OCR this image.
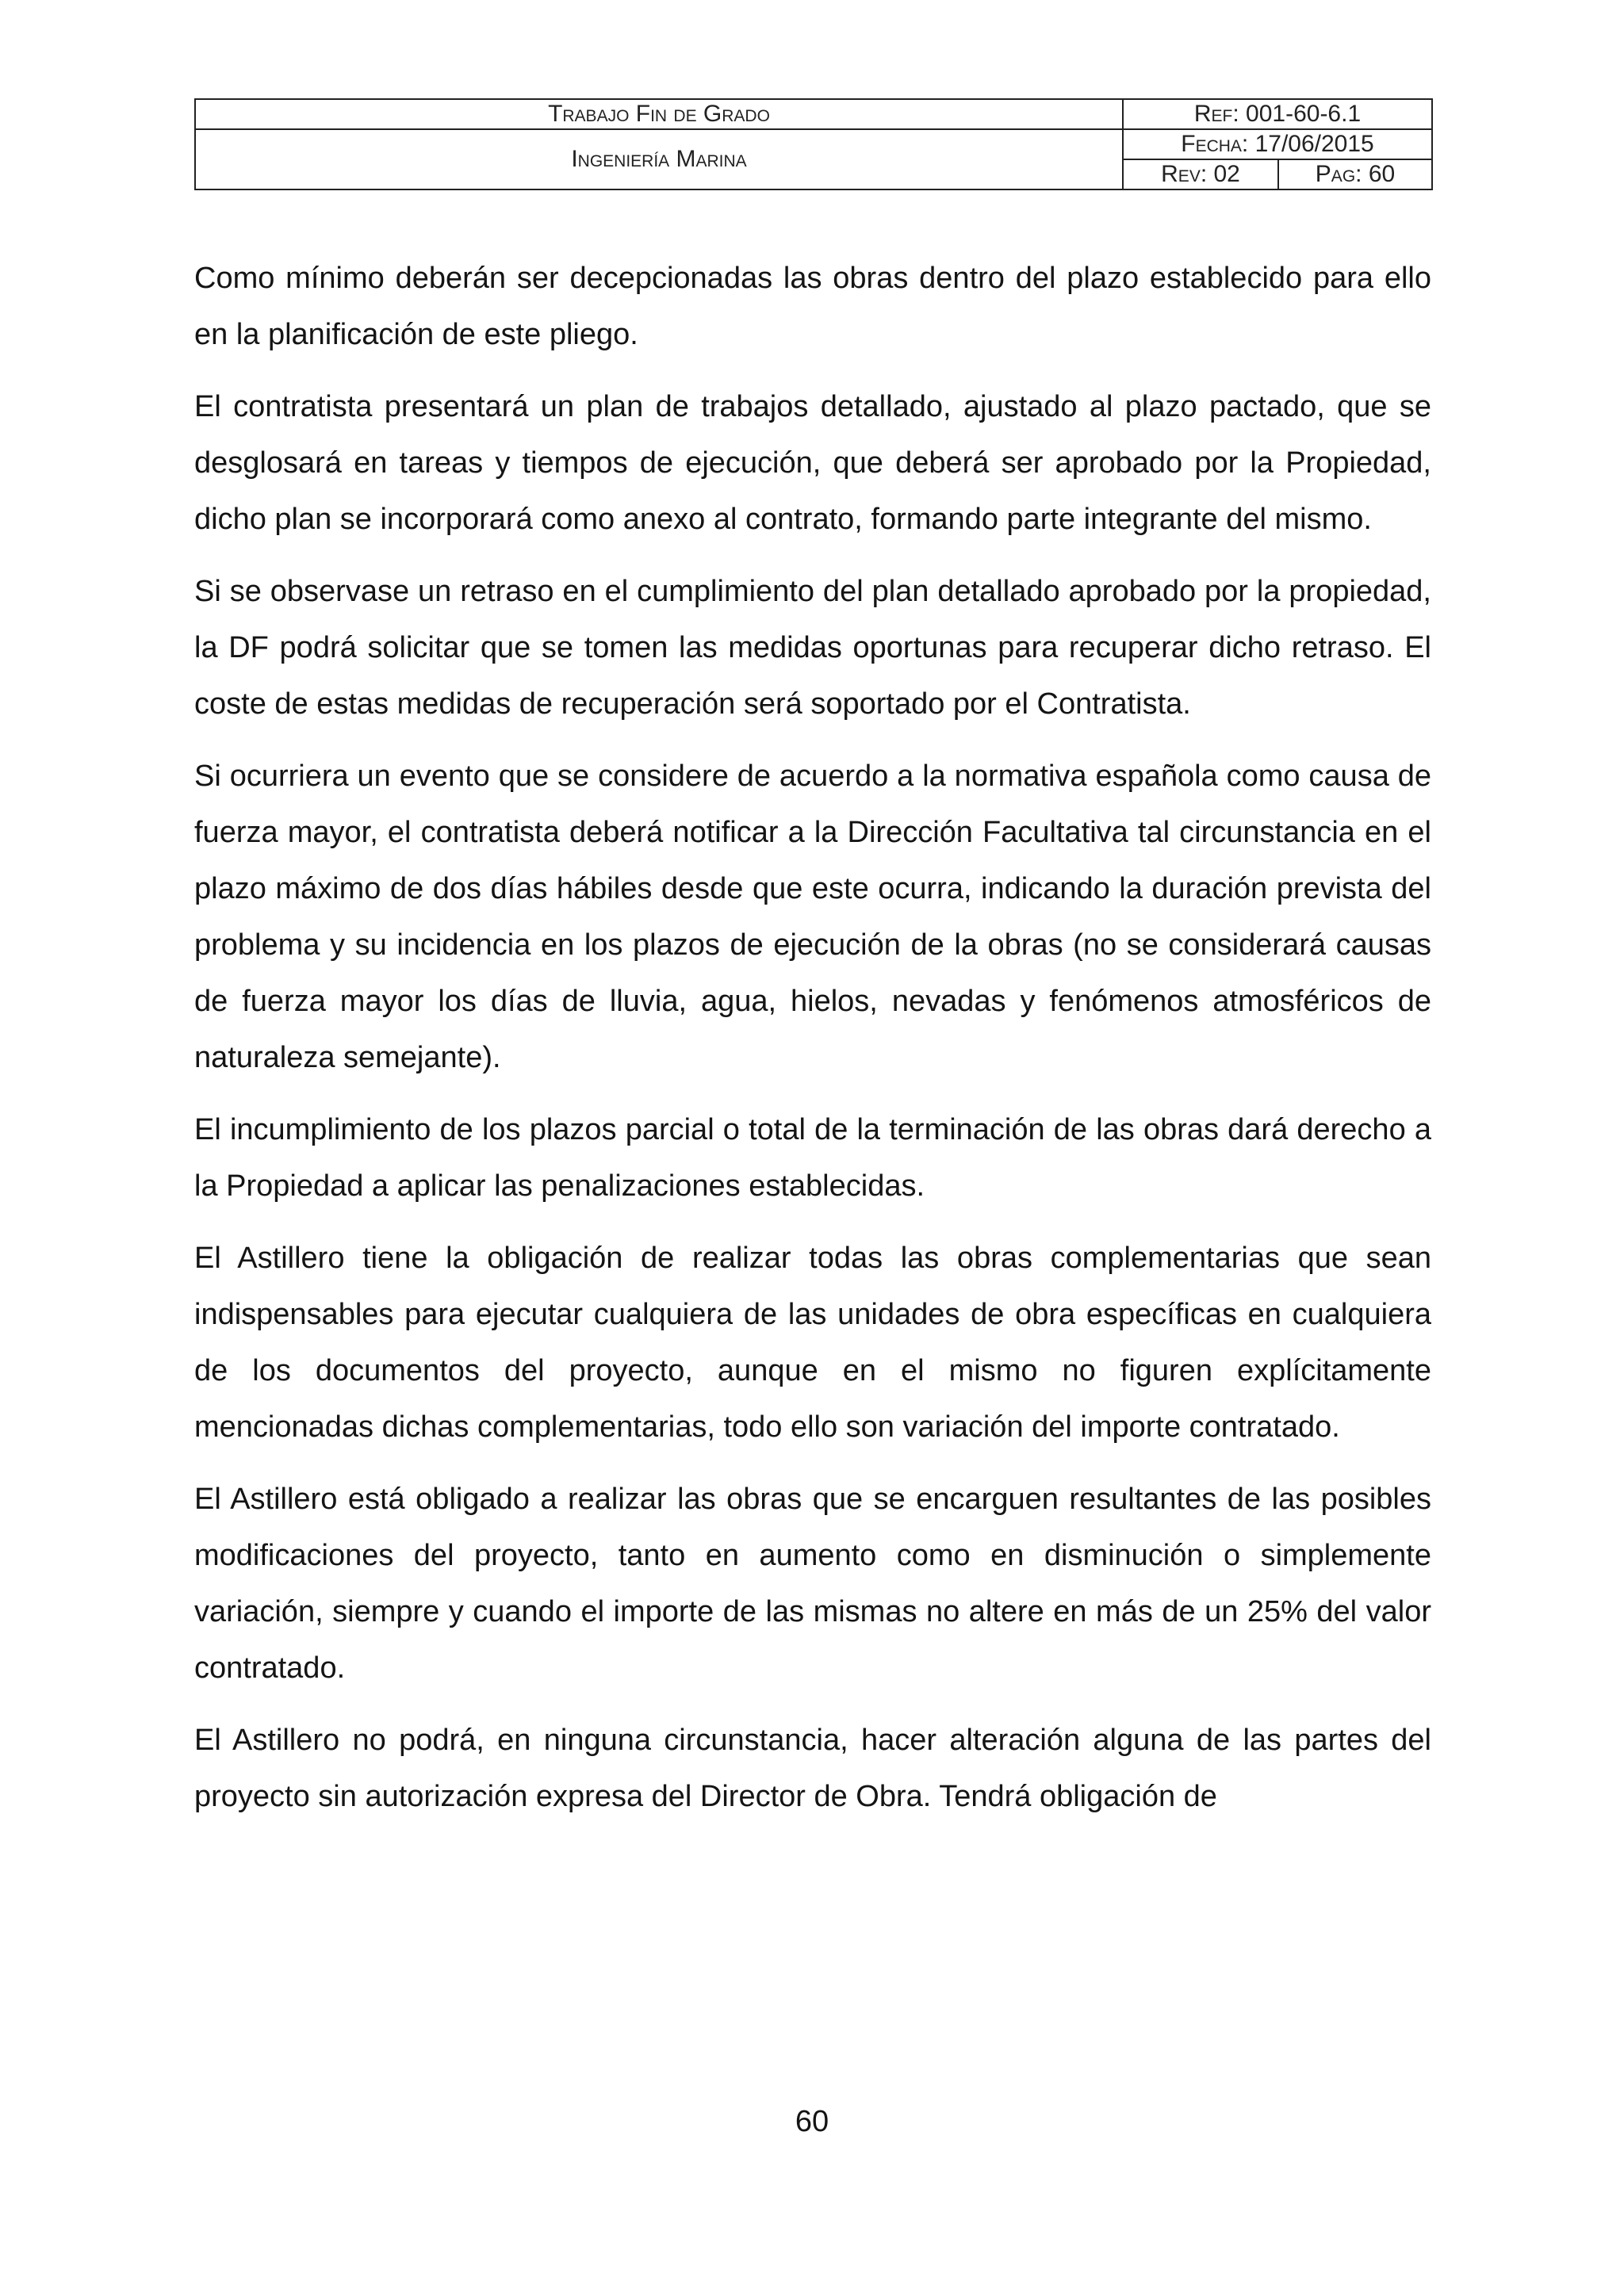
Trabajo Fin de Grado	Ref: 001-60-6.1	
Ingeniería Marina	Fecha: 17/06/2015	
	Rev: 02	Pag: 60

Como mínimo deberán ser decepcionadas las obras dentro del plazo establecido para ello en la planificación de este pliego.

El contratista presentará un plan de trabajos detallado, ajustado al plazo pactado, que se desglosará en tareas y tiempos de ejecución, que deberá ser aprobado por la Propiedad, dicho plan se incorporará como anexo al contrato, formando parte integrante del mismo.

Si se observase un retraso en el cumplimiento del plan detallado aprobado por la propiedad, la DF podrá solicitar que se tomen las medidas oportunas para recuperar dicho retraso. El coste de estas medidas de recuperación será soportado por el Contratista.

Si ocurriera un evento que se considere de acuerdo a la normativa española como causa de fuerza mayor, el contratista deberá notificar a la Dirección Facultativa tal circunstancia en el plazo máximo de dos días hábiles desde que este ocurra, indicando la duración prevista del problema y su incidencia en los plazos de ejecución de la obras (no se considerará causas de fuerza mayor los días de lluvia, agua, hielos, nevadas y fenómenos atmosféricos de naturaleza semejante).

El incumplimiento de los plazos parcial o total de la terminación de las obras dará derecho a la Propiedad a aplicar las penalizaciones establecidas.

El Astillero tiene la obligación de realizar todas las obras complementarias que sean indispensables para ejecutar cualquiera de las unidades de obra específicas en cualquiera de los documentos del proyecto, aunque en el mismo no figuren explícitamente mencionadas dichas complementarias, todo ello son variación del importe contratado.

El Astillero está obligado a realizar las obras que se encarguen resultantes de las posibles modificaciones del proyecto, tanto en aumento como en disminución o simplemente variación, siempre y cuando el importe de las mismas no altere en más de un 25% del valor contratado.

El Astillero no podrá, en ninguna circunstancia, hacer alteración alguna de las partes del proyecto sin autorización expresa del Director de Obra. Tendrá obligación de

60
